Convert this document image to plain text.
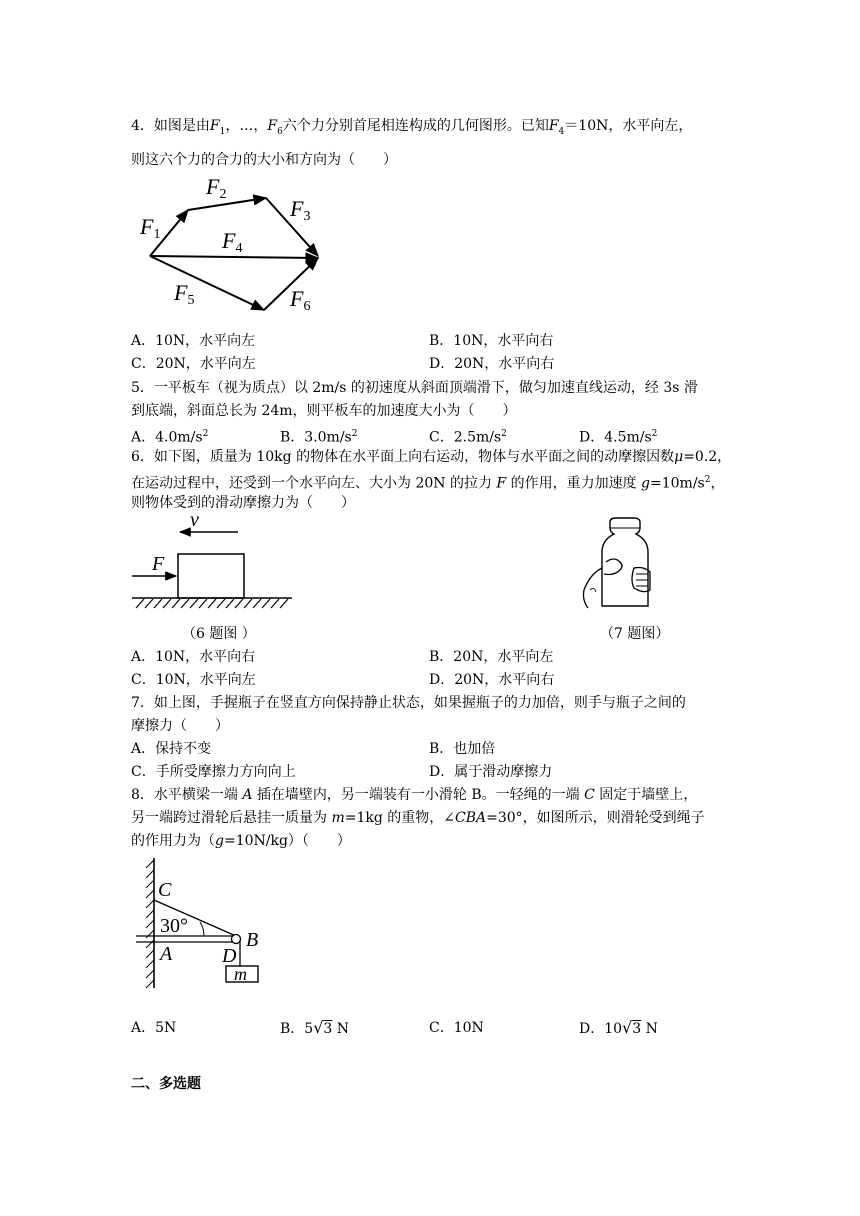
4．如图是由$F_1$，…，$F_6$六个力分别首尾相连构成的几何图形。已知$F_4=10N$，水平向左，
则这六个力的合力的大小和方向为（　　）
F1
F2
F3
F4
F5	F6
A．10N，水平向左	B．10N，水平向右
C．20N，水平向左	D．20N，水平向右
5．一平板车（视为质点）以 2m/s 的初速度从斜面顶端滑下，做匀加速直线运动，经 3s 滑
到底端，斜面总长为 24m，则平板车的加速度大小为（　　）
A．$4.0m/s^2$	B．$3.0m/s^2$	C．$2.5m/s^2$	D．$4.5m/s^2$
6．如下图，质量为 10kg 的物体在水平面上向右运动，物体与水平面之间的动摩擦因数μ=0.2，
在运动过程中，还受到一个水平向左、大小为 20N 的拉力 F 的作用，重力加速度 $g=10m/s^2$，
则物体受到的滑动摩擦力为（　　）
v
F
（6 题图 ）	（7 题图）
A．10N，水平向右	B．20N，水平向左
C．10N，水平向左	D．20N，水平向右
7．如上图，手握瓶子在竖直方向保持静止状态，如果握瓶子的力加倍，则手与瓶子之间的
摩擦力（　　）
A．保持不变	B．也加倍
C．手所受摩擦力方向向上	D．属于滑动摩擦力
8．水平横梁一端 A 插在墙壁内，另一端装有一小滑轮 B。一轻绳的一端 C 固定于墙壁上，
另一端跨过滑轮后悬挂一质量为 m=1kg 的重物，∠CBA=30°，如图所示，则滑轮受到绳子
的作用力为（g=10N/kg）（　　）
C
30°
B
A D
m
A．5N	B．5√3 N	C．10N	D．10√3 N
二、多选题
